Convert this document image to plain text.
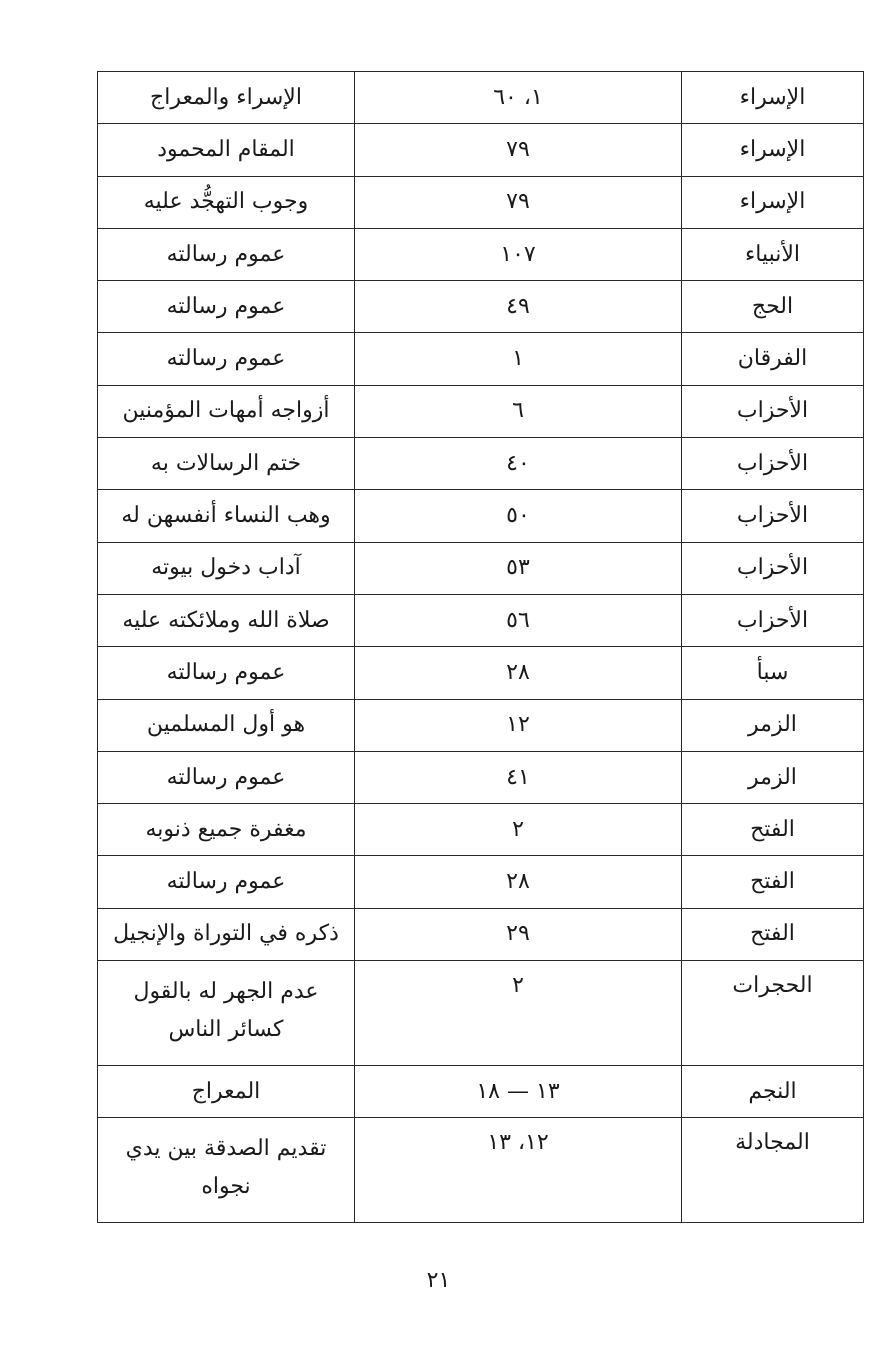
الإسراء	١، ٦٠	الإسراء والمعراج
الإسراء	٧٩	المقام المحمود
الإسراء	٧٩	وجوب التهجُّد عليه
الأنبياء	١٠٧	عموم رسالته
الحج	٤٩	عموم رسالته
الفرقان	١	عموم رسالته
الأحزاب	٦	أزواجه أمهات المؤمنين
الأحزاب	٤٠	ختم الرسالات به
الأحزاب	٥٠	وهب النساء أنفسهن له
الأحزاب	٥٣	آداب دخول بيوته
الأحزاب	٥٦	صلاة الله وملائكته عليه
سبأ	٢٨	عموم رسالته
الزمر	١٢	هو أول المسلمين
الزمر	٤١	عموم رسالته
الفتح	٢	مغفرة جميع ذنوبه
الفتح	٢٨	عموم رسالته
الفتح	٢٩	ذكره في التوراة والإنجيل
الحجرات	٢	عدم الجهر له بالقول كسائر الناس
النجم	١٣ — ١٨	المعراج
المجادلة	١٢، ١٣	تقديم الصدقة بين يدي نجواه
٢١
